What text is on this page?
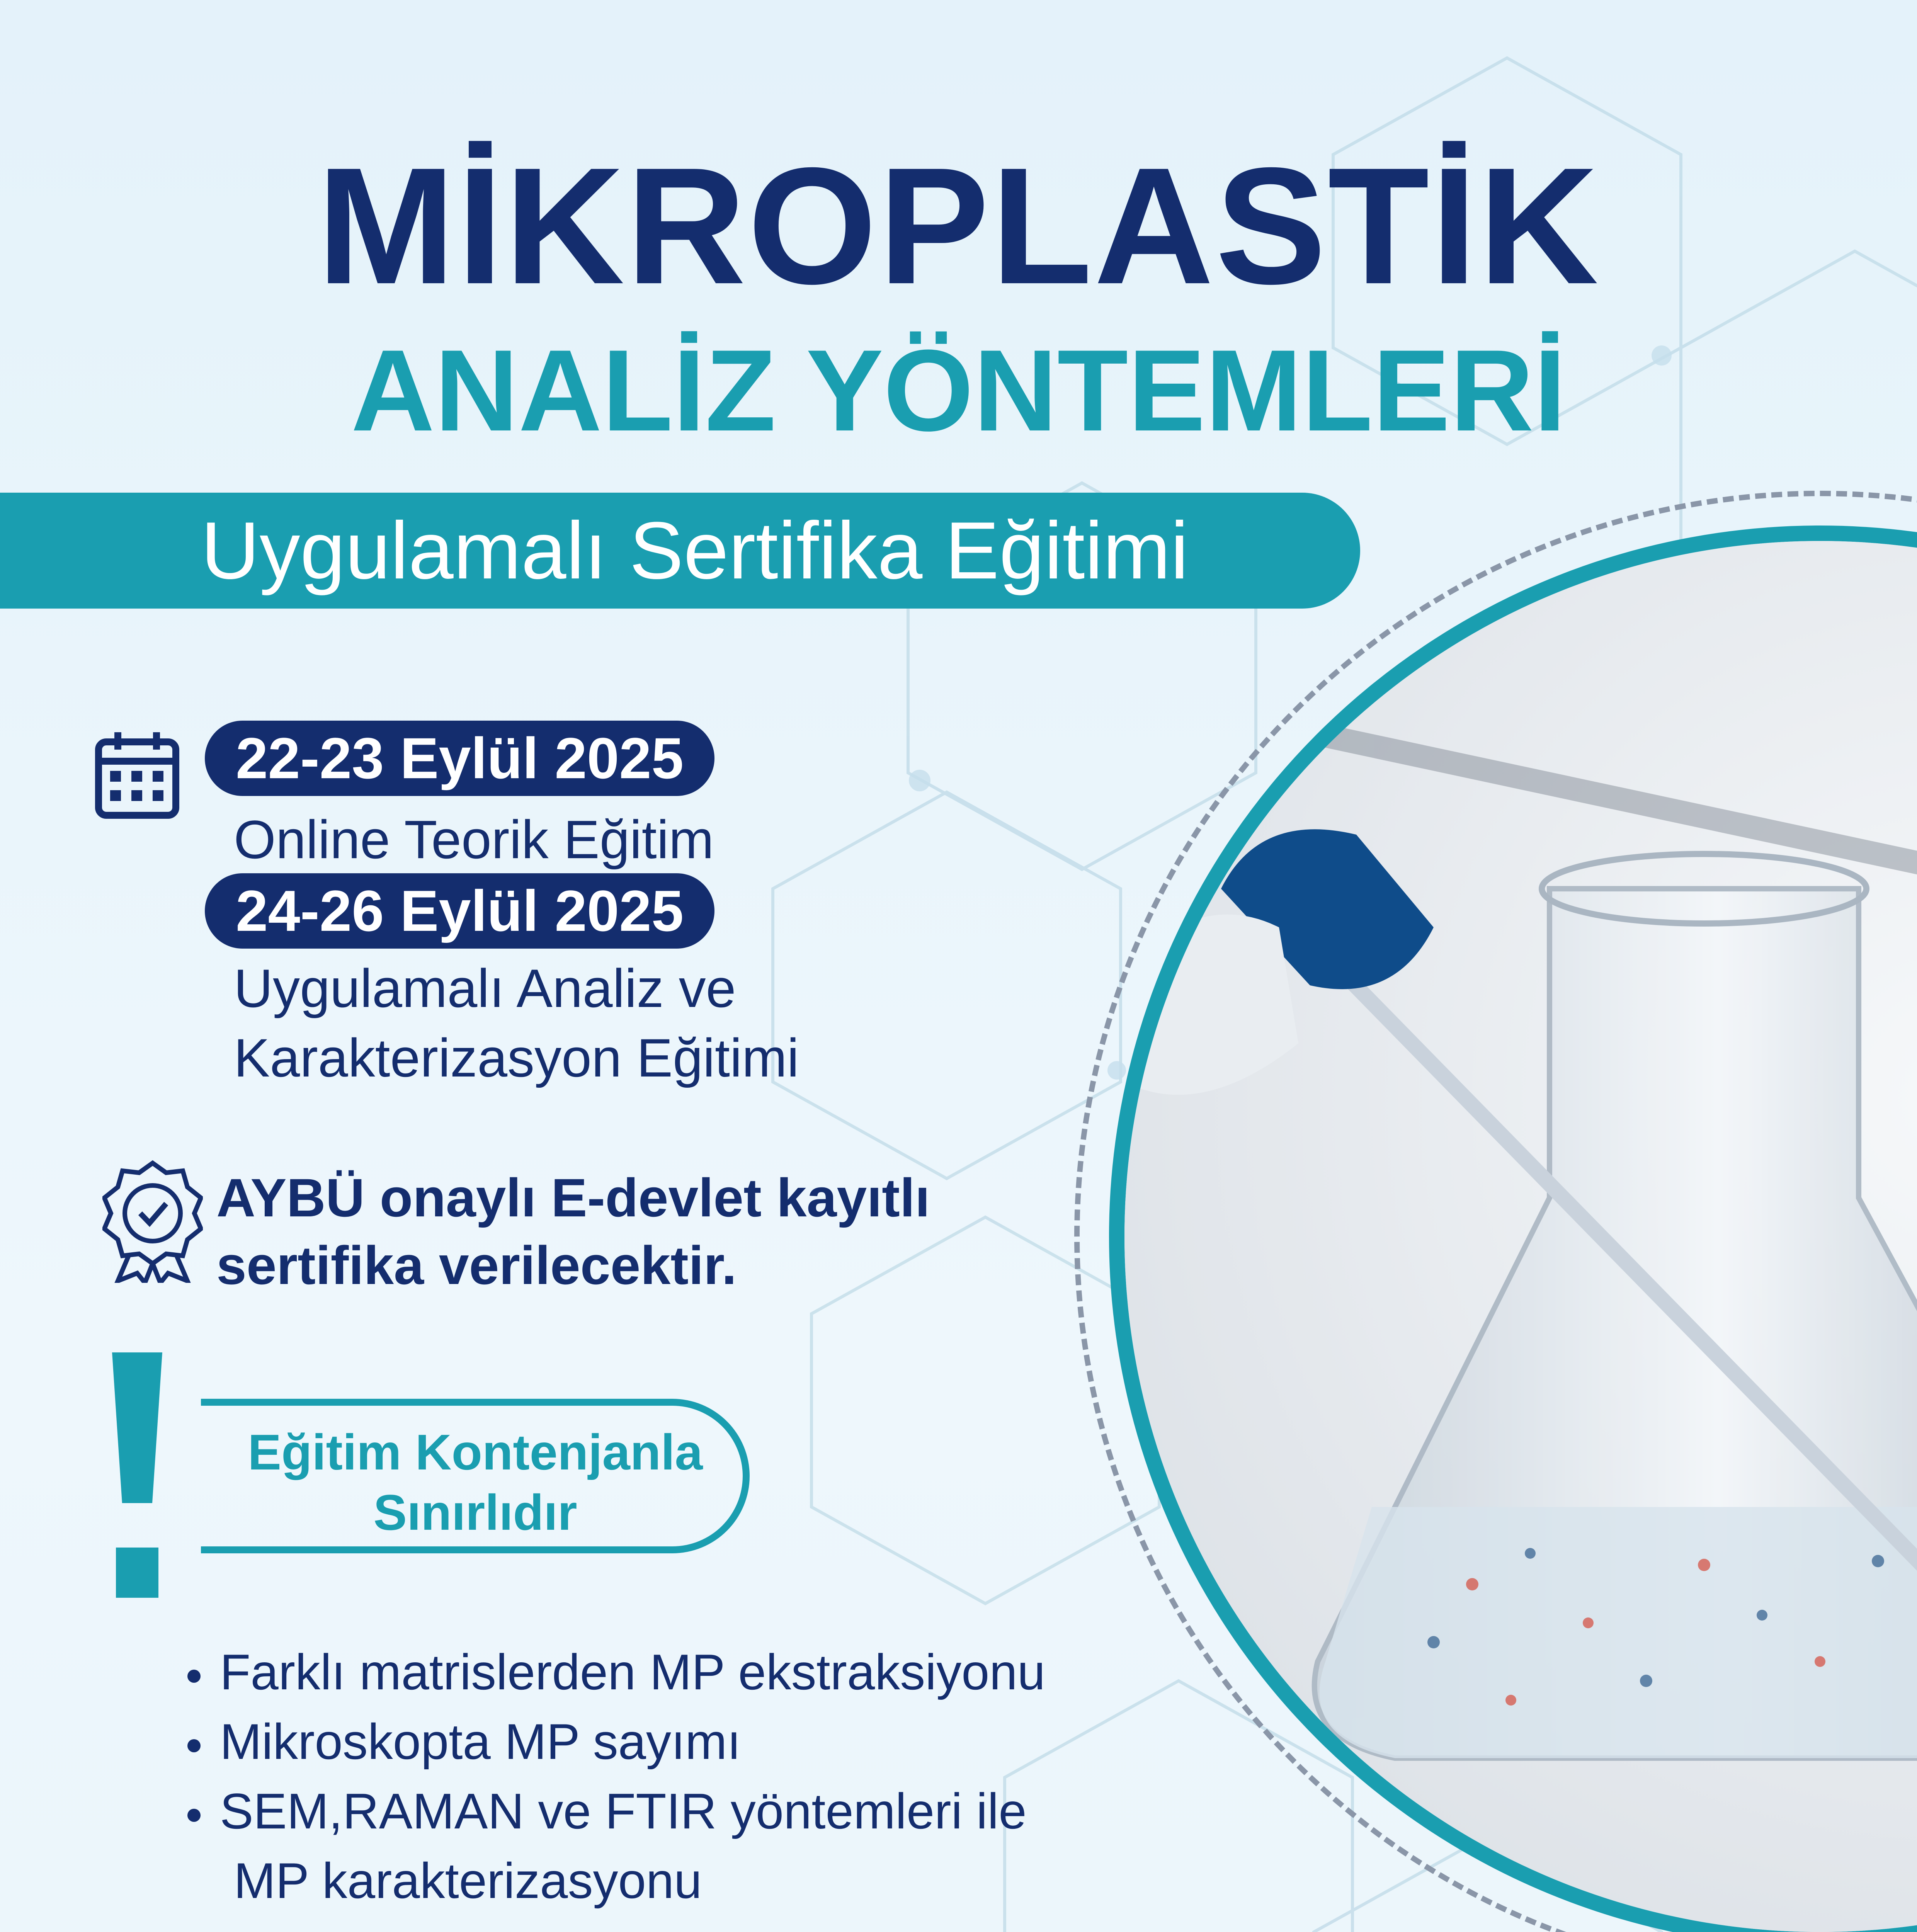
MİKROPLASTİK
ANALİZ YÖNTEMLERİ
Uygulamalı Sertifika Eğitimi
22-23 Eylül 2025
Online Teorik Eğitim
24-26 Eylül 2025
Uygulamalı Analiz ve
Karakterizasyon Eğitimi
AYBÜ onaylı E-devlet kayıtlı
sertifika verilecektir.
Eğitim Kontenjanla
Sınırlıdır
Farklı matrislerden MP ekstraksiyonu
Mikroskopta MP sayımı
SEM,RAMAN ve FTIR yöntemleri ile
MP karakterizasyonu
